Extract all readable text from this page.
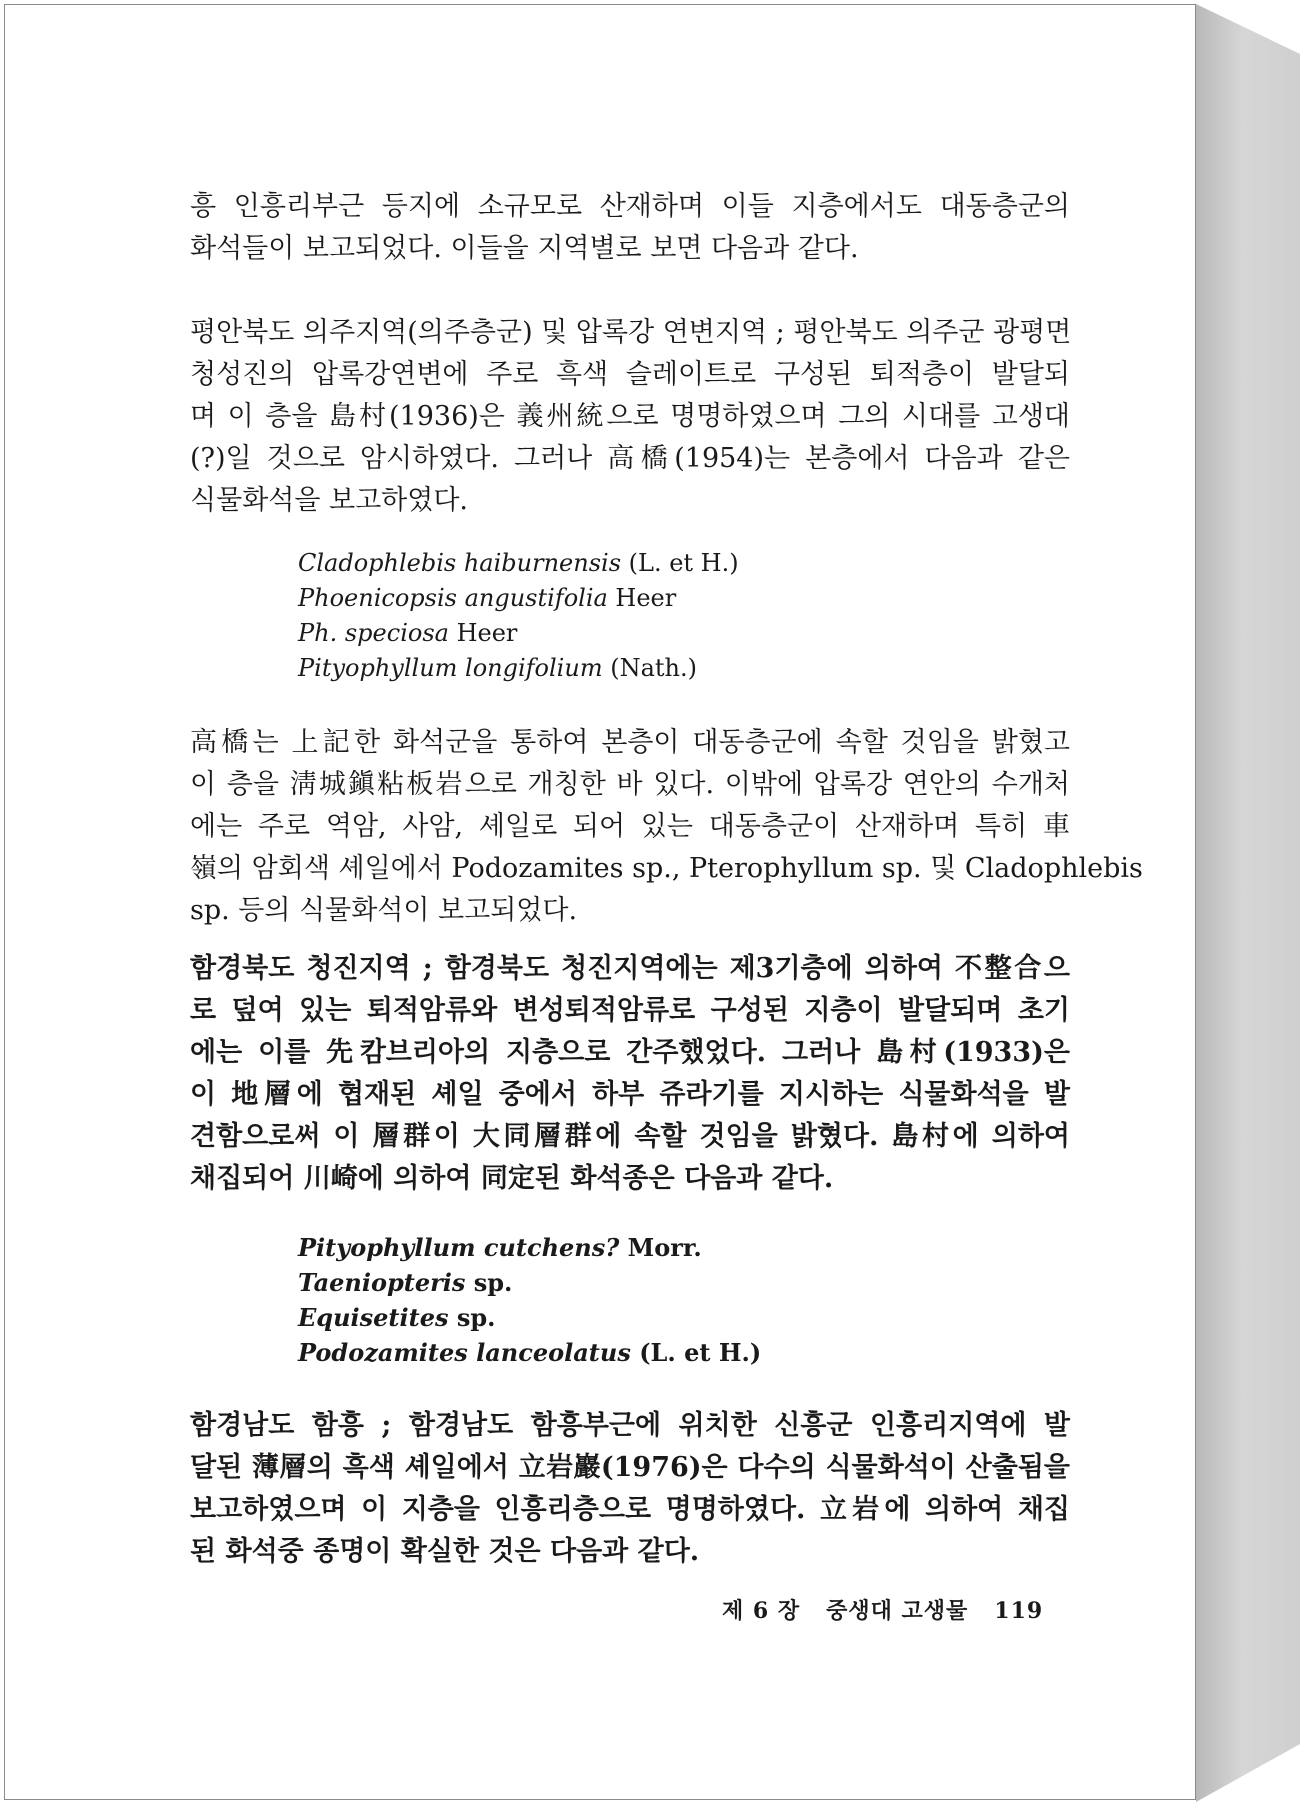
흥 인흥리부근 등지에 소규모로 산재하며 이들 지층에서도 대동층군의
화석들이 보고되었다. 이들을 지역별로 보면 다음과 같다.
평안북도 의주지역(의주층군) 및 압록강 연변지역 ; 평안북도 의주군 광평면
청성진의 압록강연변에 주로 흑색 슬레이트로 구성된 퇴적층이 발달되
며 이 층을 島村(1936)은 義州統으로 명명하였으며 그의 시대를 고생대
(?)일 것으로 암시하였다. 그러나 高橋(1954)는 본층에서 다음과 같은
식물화석을 보고하였다.
Cladophlebis haiburnensis (L. et H.)
Phoenicopsis angustifolia Heer
Ph. speciosa Heer
Pityophyllum longifolium (Nath.)
高橋는 上記한 화석군을 통하여 본층이 대동층군에 속할 것임을 밝혔고
이 층을 淸城鎭粘板岩으로 개칭한 바 있다. 이밖에 압록강 연안의 수개처
에는 주로 역암, 사암, 셰일로 되어 있는 대동층군이 산재하며 특히 車
嶺의 암회색 셰일에서 Podozamites sp., Pterophyllum sp. 및 Cladophlebis
sp. 등의 식물화석이 보고되었다.
함경북도 청진지역 ; 함경북도 청진지역에는 제3기층에 의하여 不整合으
로 덮여 있는 퇴적암류와 변성퇴적암류로 구성된 지층이 발달되며 초기
에는 이를 先캄브리아의 지층으로 간주했었다. 그러나 島村(1933)은
이 地層에 협재된 셰일 중에서 하부 쥬라기를 지시하는 식물화석을 발
견함으로써 이 層群이 大同層群에 속할 것임을 밝혔다. 島村에 의하여
채집되어 川崎에 의하여 同定된 화석종은 다음과 같다.
Pityophyllum cutchens? Morr.
Taeniopteris sp.
Equisetites sp.
Podozamites lanceolatus (L. et H.)
함경남도 함흥 ; 함경남도 함흥부근에 위치한 신흥군 인흥리지역에 발
달된 薄層의 흑색 셰일에서 立岩巖(1976)은 다수의 식물화석이 산출됨을
보고하였으며 이 지층을 인흥리층으로 명명하였다. 立岩에 의하여 채집
된 화석중 종명이 확실한 것은 다음과 같다.
제 6 장 중생대 고생물 119
